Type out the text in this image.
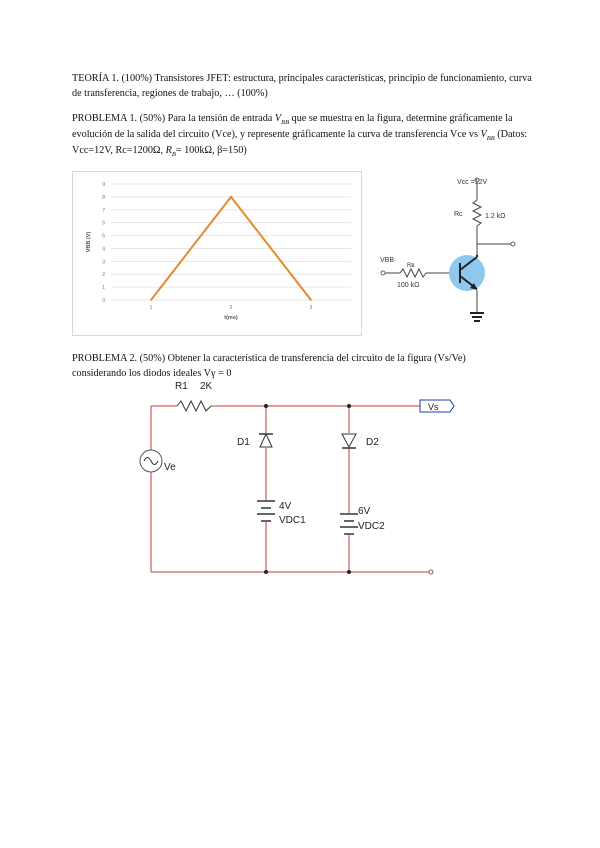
TEORÍA 1. (100%) Transistores JFET: estructura, principales características, principio de funcionamiento, curva de transferencia, regiones de trabajo, … (100%)
PROBLEMA 1. (50%) Para la tensión de entrada $V_{BB}$ que se muestra en la figura, determine gráficamente la evolución de la salida del circuito (Vce), y represente gráficamente la curva de transferencia Vce vs $V_{BB}$ (Datos: Vcc=12V, Rc=1200Ω, $R_B= 100k\Omega$, β=150)
0
1
2
3
4
5
6
7
8
9
1	2	3
t(ms)
VBB (V)
Vcc =12V
Rc	1.2 kΩ
VBB
Rʙ
100 kΩ
PROBLEMA 2. (50%) Obtener la característica de transferencia del circuito de la figura (Vs/Ve)
considerando los diodos ideales Vγ = 0
Vs
R1 2K
Ve
D1	D2
4V
VDC1
6V
VDC2
